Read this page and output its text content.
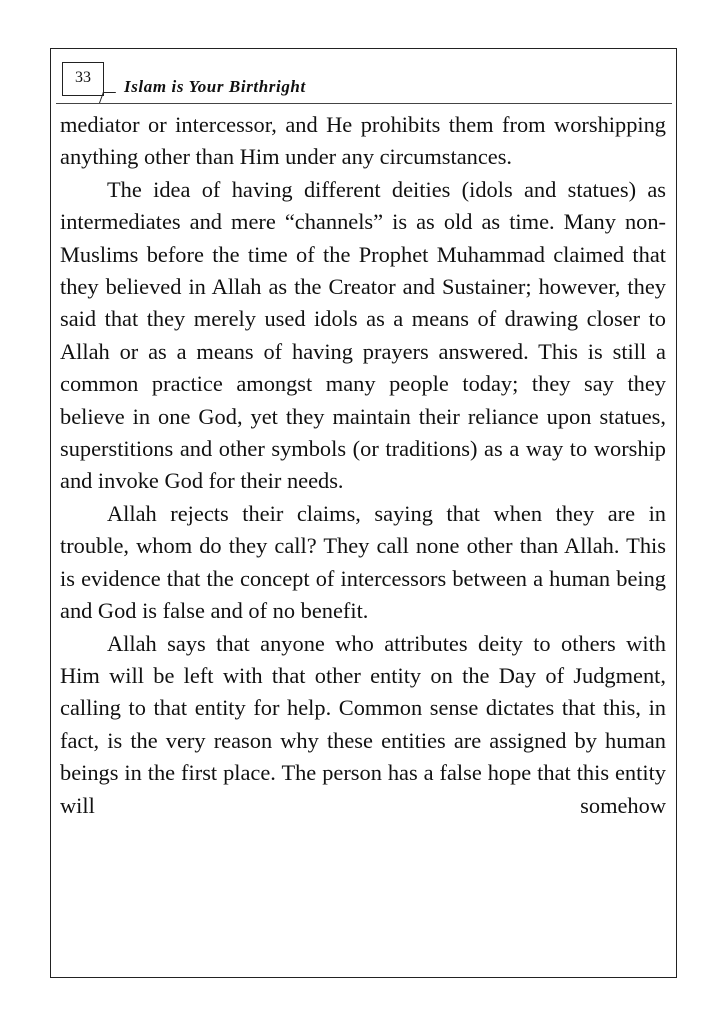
33 Islam is Your Birthright

mediator or intercessor, and He prohibits them from worshipping anything other than Him under any circumstances.

The idea of having different deities (idols and statues) as intermediates and mere “channels” is as old as time. Many non-Muslims before the time of the Prophet Muhammad claimed that they believed in Allah as the Creator and Sustainer; however, they said that they merely used idols as a means of drawing closer to Allah or as a means of having prayers answered. This is still a common practice amongst many people today; they say they believe in one God, yet they maintain their reliance upon statues, superstitions and other symbols (or traditions) as a way to worship and invoke God for their needs.

Allah rejects their claims, saying that when they are in trouble, whom do they call? They call none other than Allah. This is evidence that the concept of intercessors between a human being and God is false and of no benefit.

Allah says that anyone who attributes deity to others with Him will be left with that other entity on the Day of Judgment, calling to that entity for help. Common sense dictates that this, in fact, is the very reason why these entities are assigned by human beings in the first place. The person has a false hope that this entity will somehow
